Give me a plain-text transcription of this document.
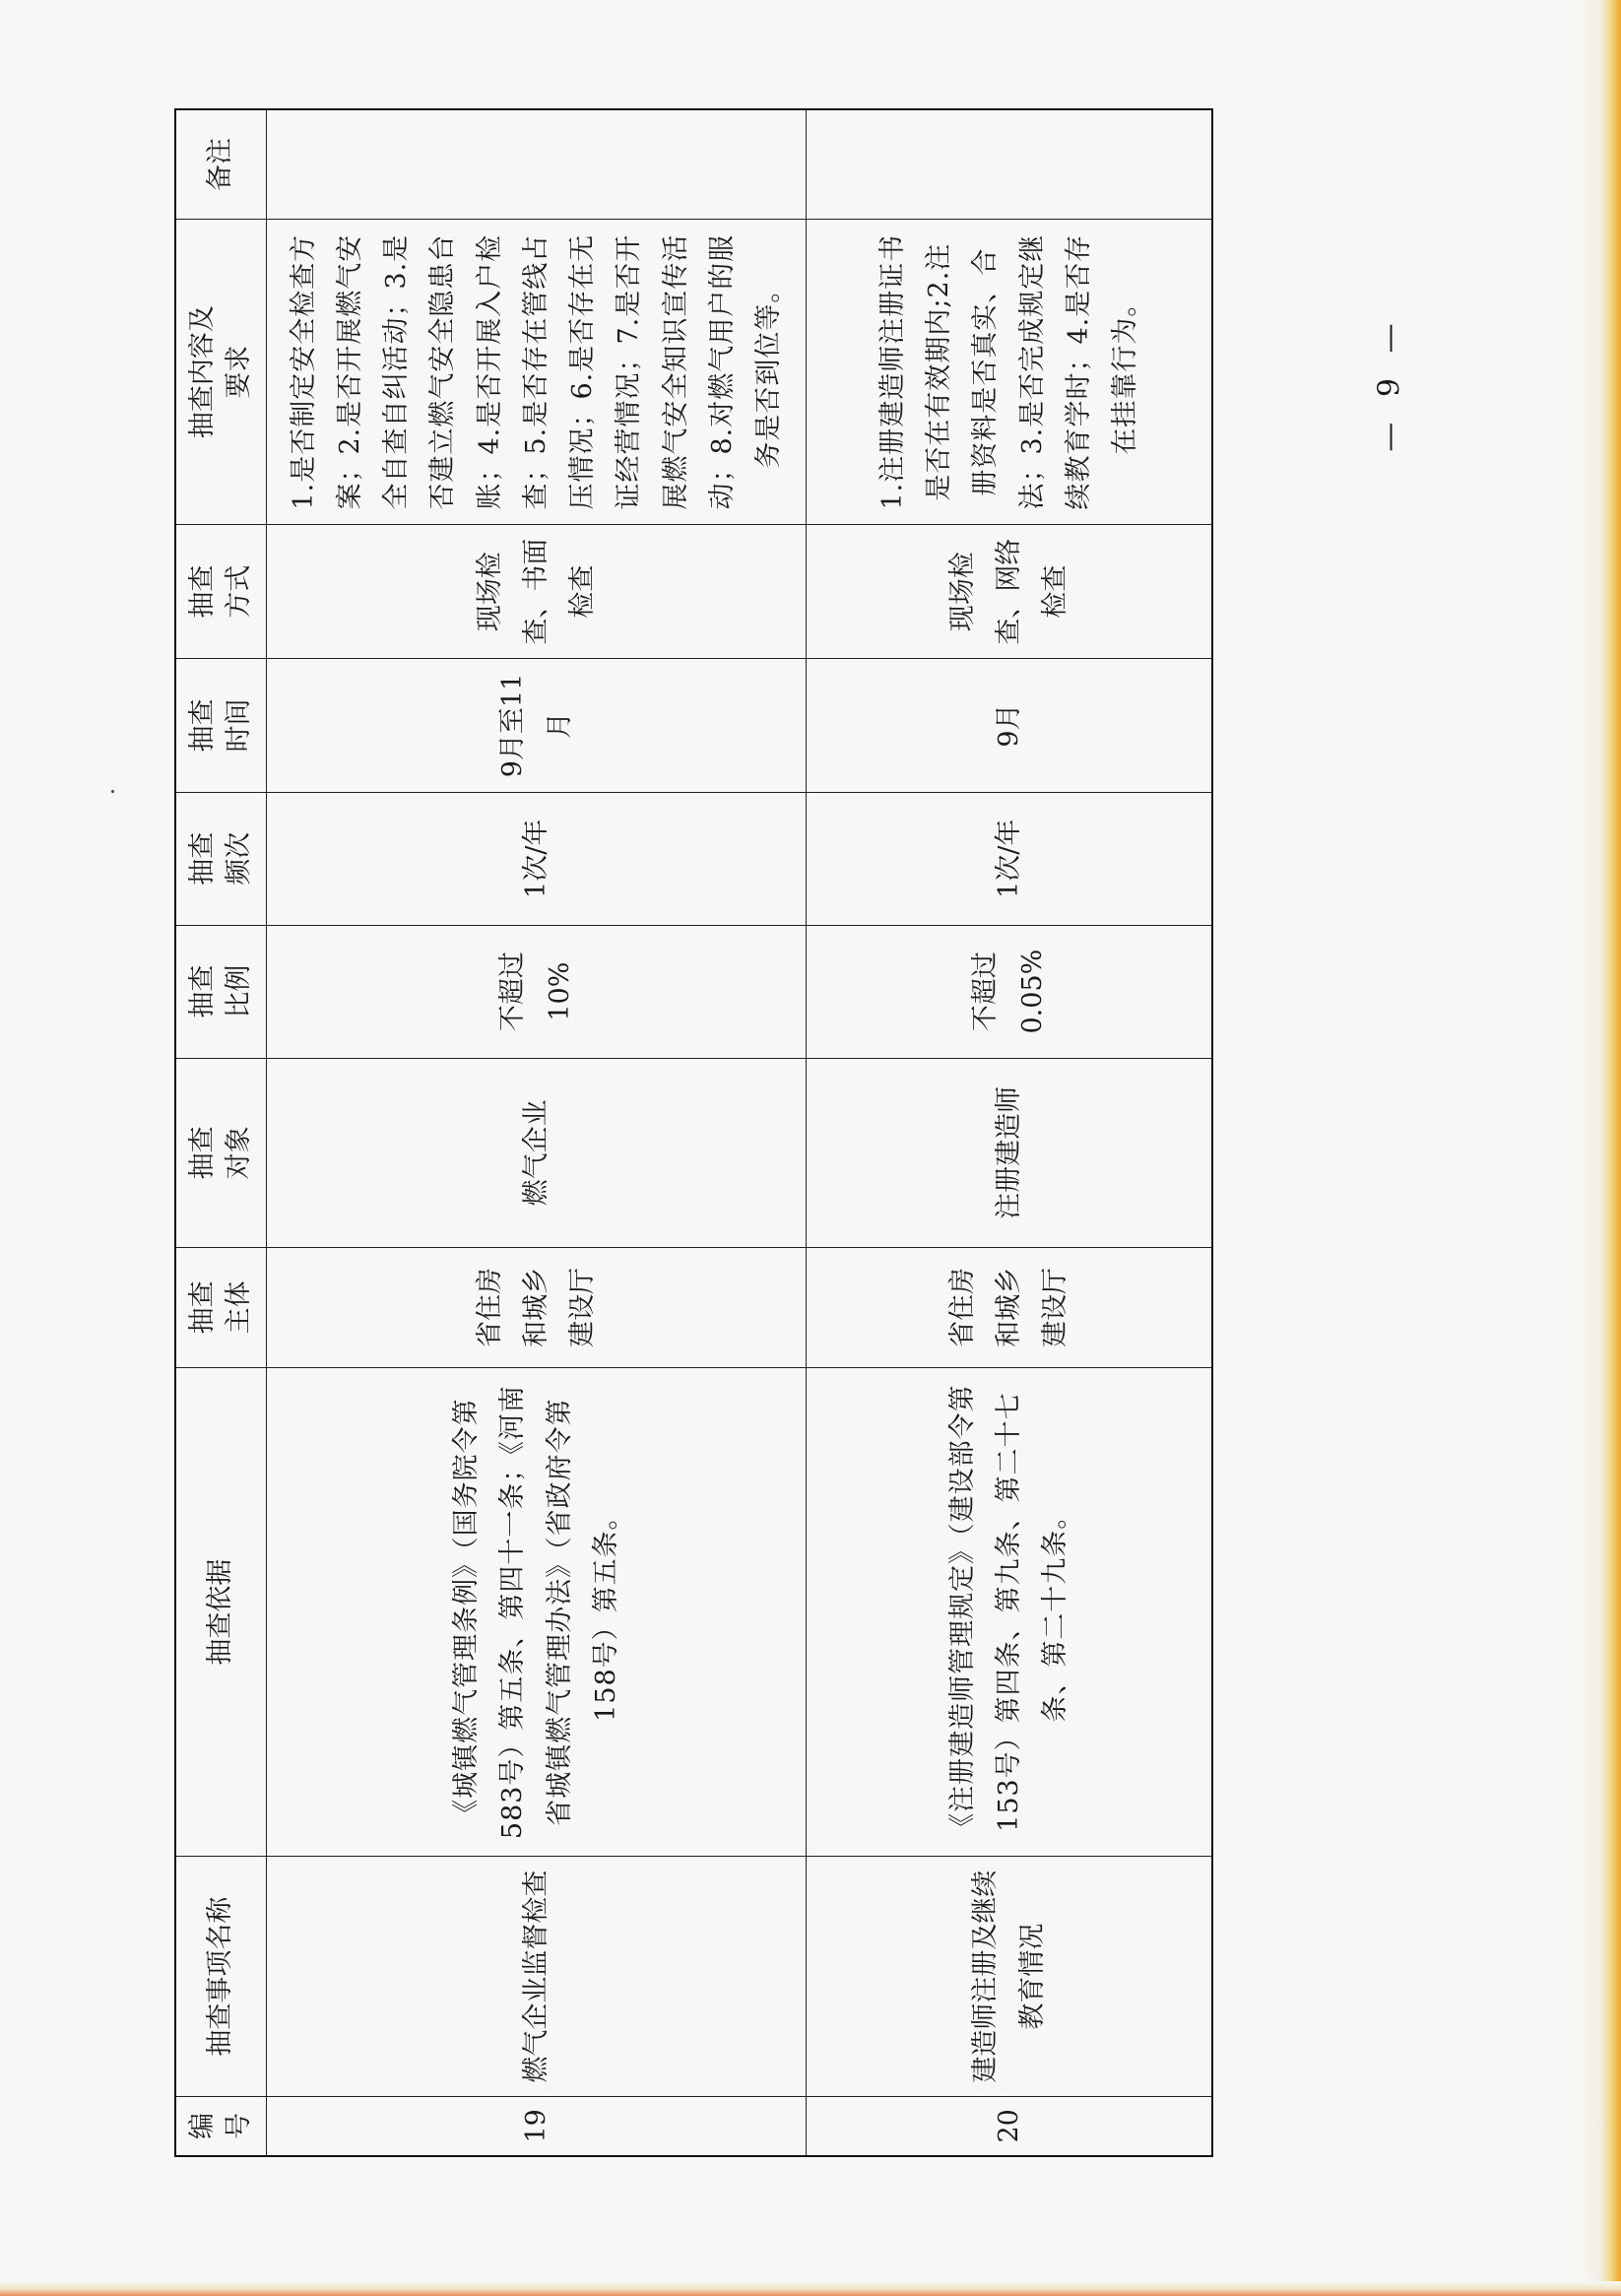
编号	抽查事项名称	抽查依据	抽查 主体	抽查 对象	抽查 比例	抽查 频次	抽查 时间	抽查 方式	抽查内容及 要求	备注
19	燃气企业监督检查	《城镇燃气管理条例》（国务院令第583号）第五条、第四十一条；《河南省城镇燃气管理办法》（省政府令第158号）第五条。	省住房和城乡建设厅	燃气企业	不超过10%	1次/年	9月至11月	现场检查、书面检查	1.是否制定安全检查方案；2.是否开展燃气安全自查自纠活动；3.是否建立燃气安全隐患台账；4.是否开展入户检查；5.是否存在管线占压情况；6.是否存在无证经营情况；7.是否开展燃气安全知识宣传活动；8.对燃气用户的服务是否到位等。	
20	建造师注册及继续教育情况	《注册建造师管理规定》（建设部令第153号）第四条、第九条、第二十七条、第二十九条。	省住房和城乡建设厅	注册建造师	不超过0.05%	1次/年	9月	现场检查、网络检查	1.注册建造师注册证书是否在有效期内;2.注册资料是否真实、合法；3.是否完成规定继续教育学时；4.是否存在挂靠行为。		— 9 —
